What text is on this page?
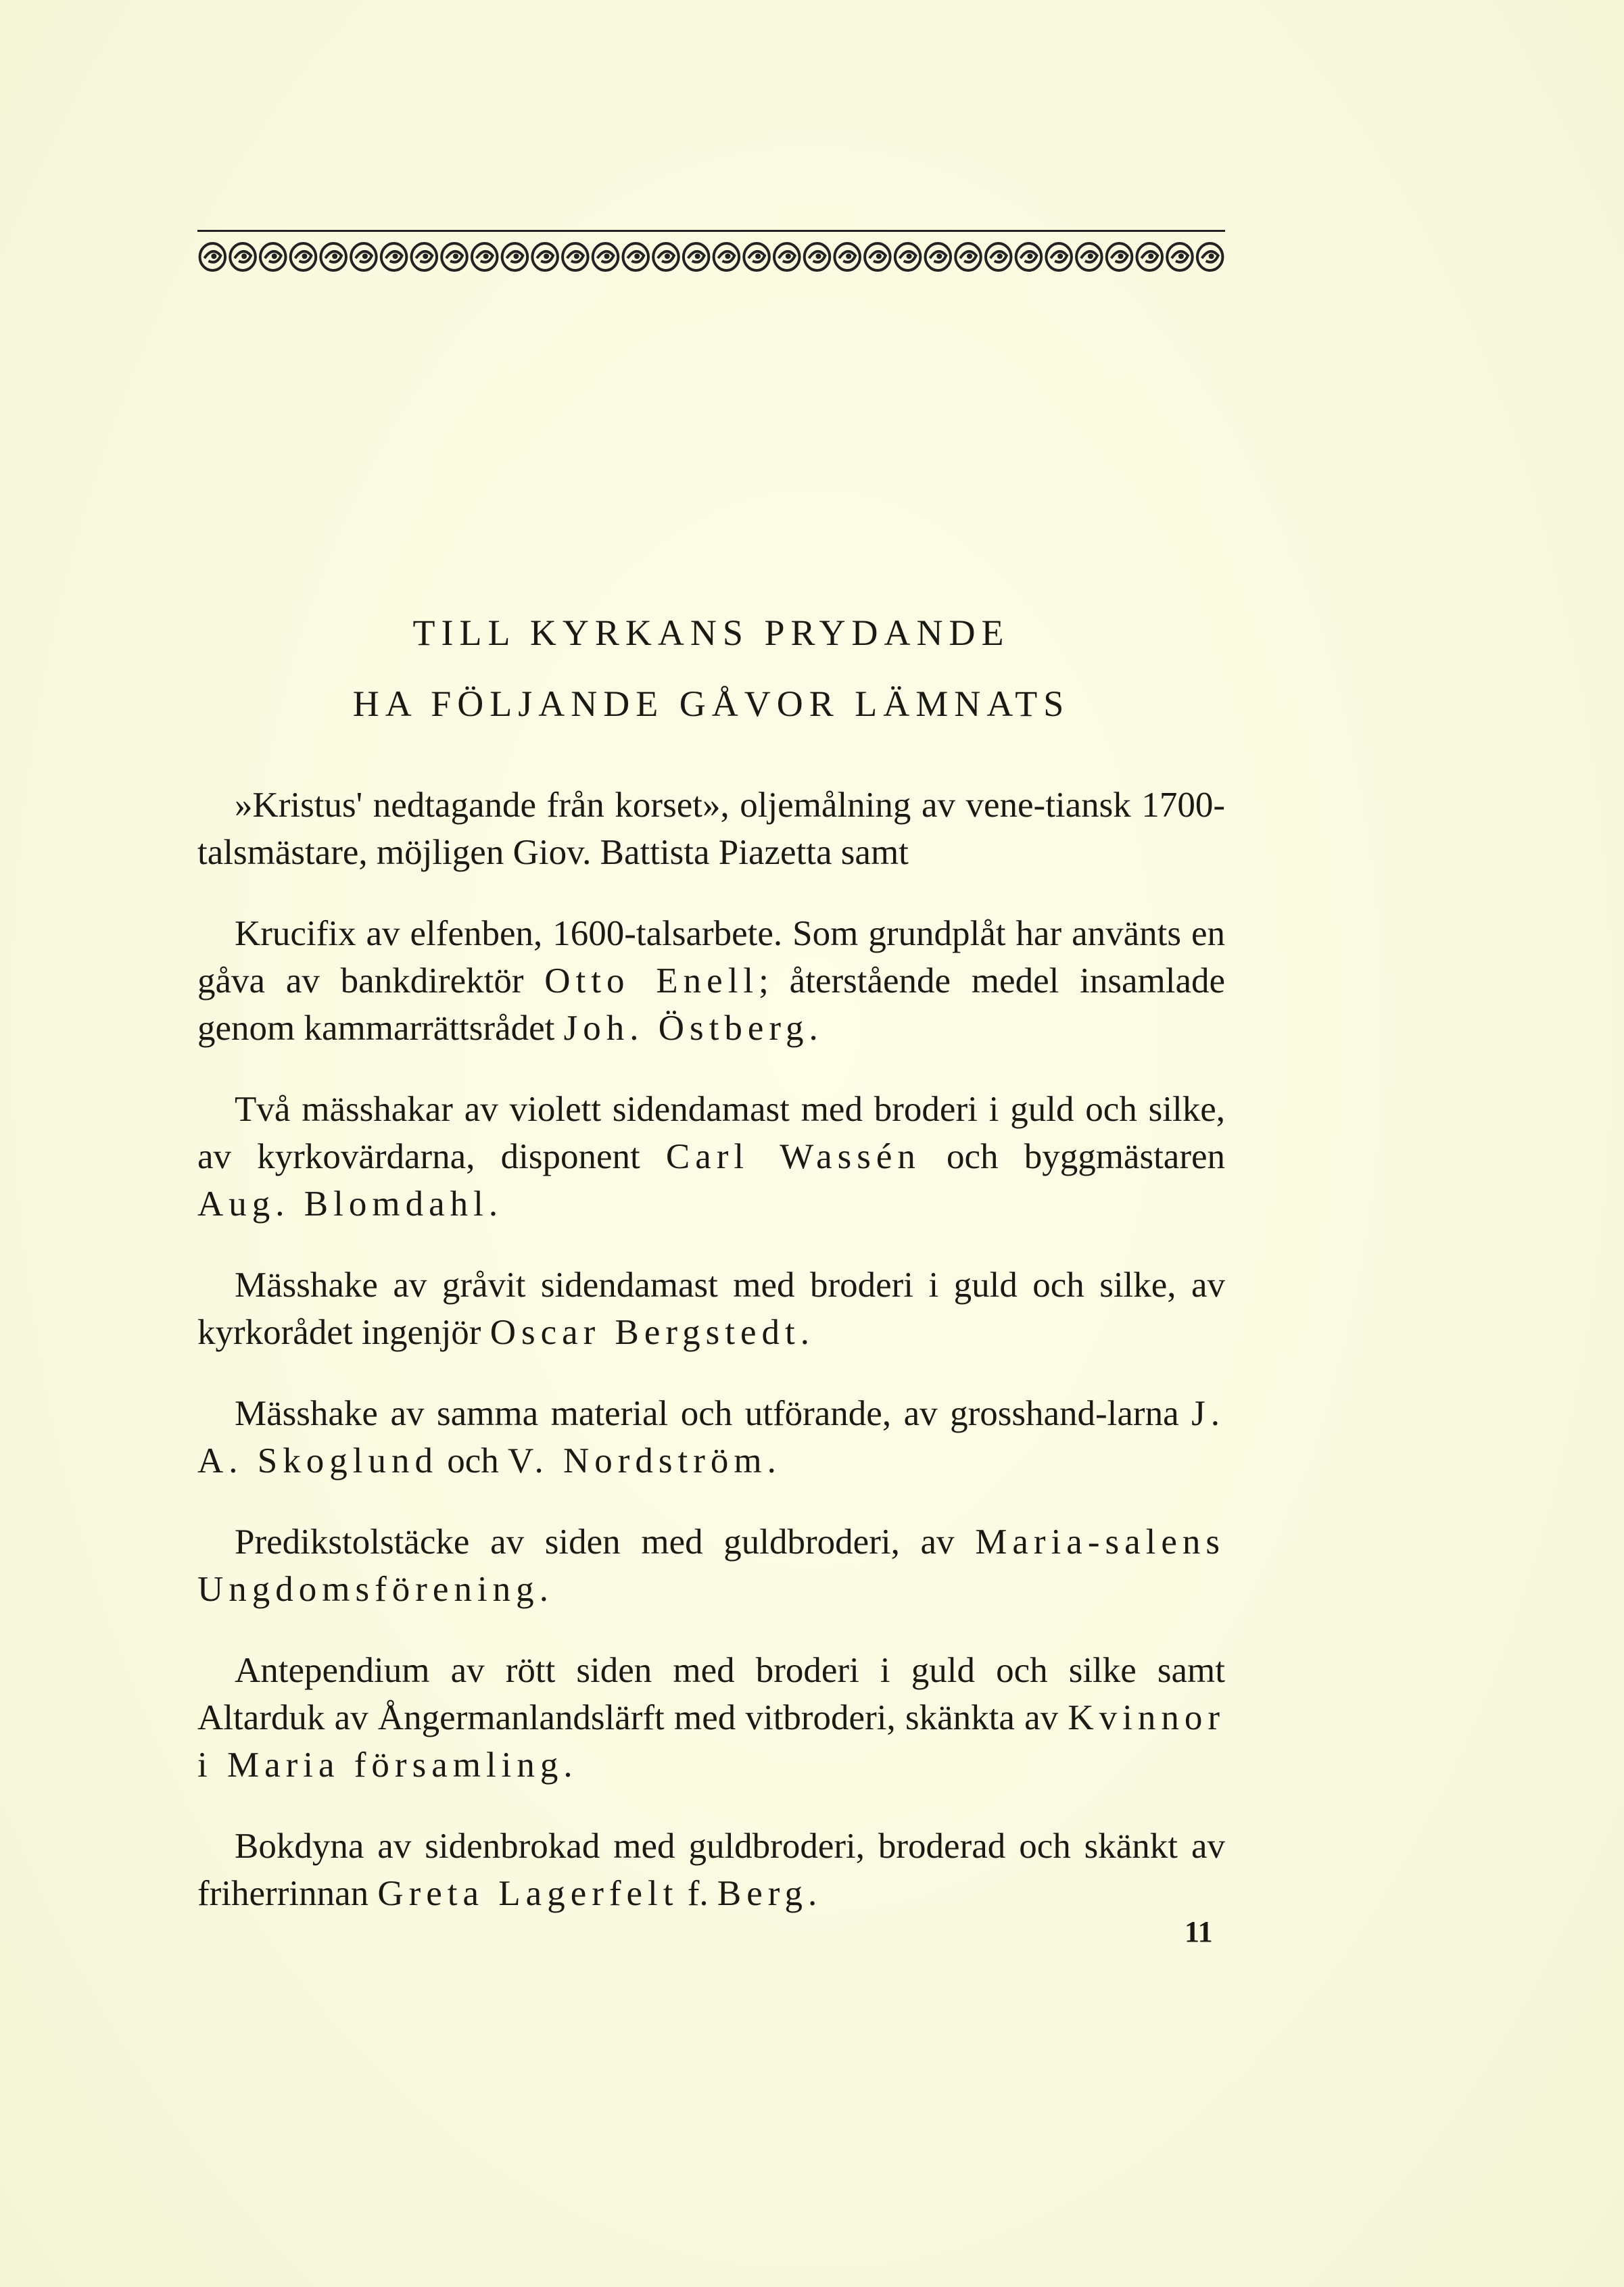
TILL KYRKANS PRYDANDE
HA FÖLJANDE GÅVOR LÄMNATS

»Kristus' nedtagande från korset», oljemålning av vene-tiansk 1700-talsmästare, möjligen Giov. Battista Piazetta samt

Krucifix av elfenben, 1600-talsarbete. Som grundplåt har använts en gåva av bankdirektör Otto Enell; återstående medel insamlade genom kammarrättsrådet Joh. Östberg.

Två mässhakar av violett sidendamast med broderi i guld och silke, av kyrkovärdarna, disponent Carl Wassén och byggmästaren Aug. Blomdahl.

Mässhake av gråvit sidendamast med broderi i guld och silke, av kyrkorådet ingenjör Oscar Bergstedt.

Mässhake av samma material och utförande, av grosshand-larna J. A. Skoglund och V. Nordström.

Predikstolstäcke av siden med guldbroderi, av Maria-salens Ungdomsförening.

Antependium av rött siden med broderi i guld och silke samt Altarduk av Ångermanlandslärft med vitbroderi, skänkta av Kvinnor i Maria församling.

Bokdyna av sidenbrokad med guldbroderi, broderad och skänkt av friherrinnan Greta Lagerfelt f. Berg.

11
